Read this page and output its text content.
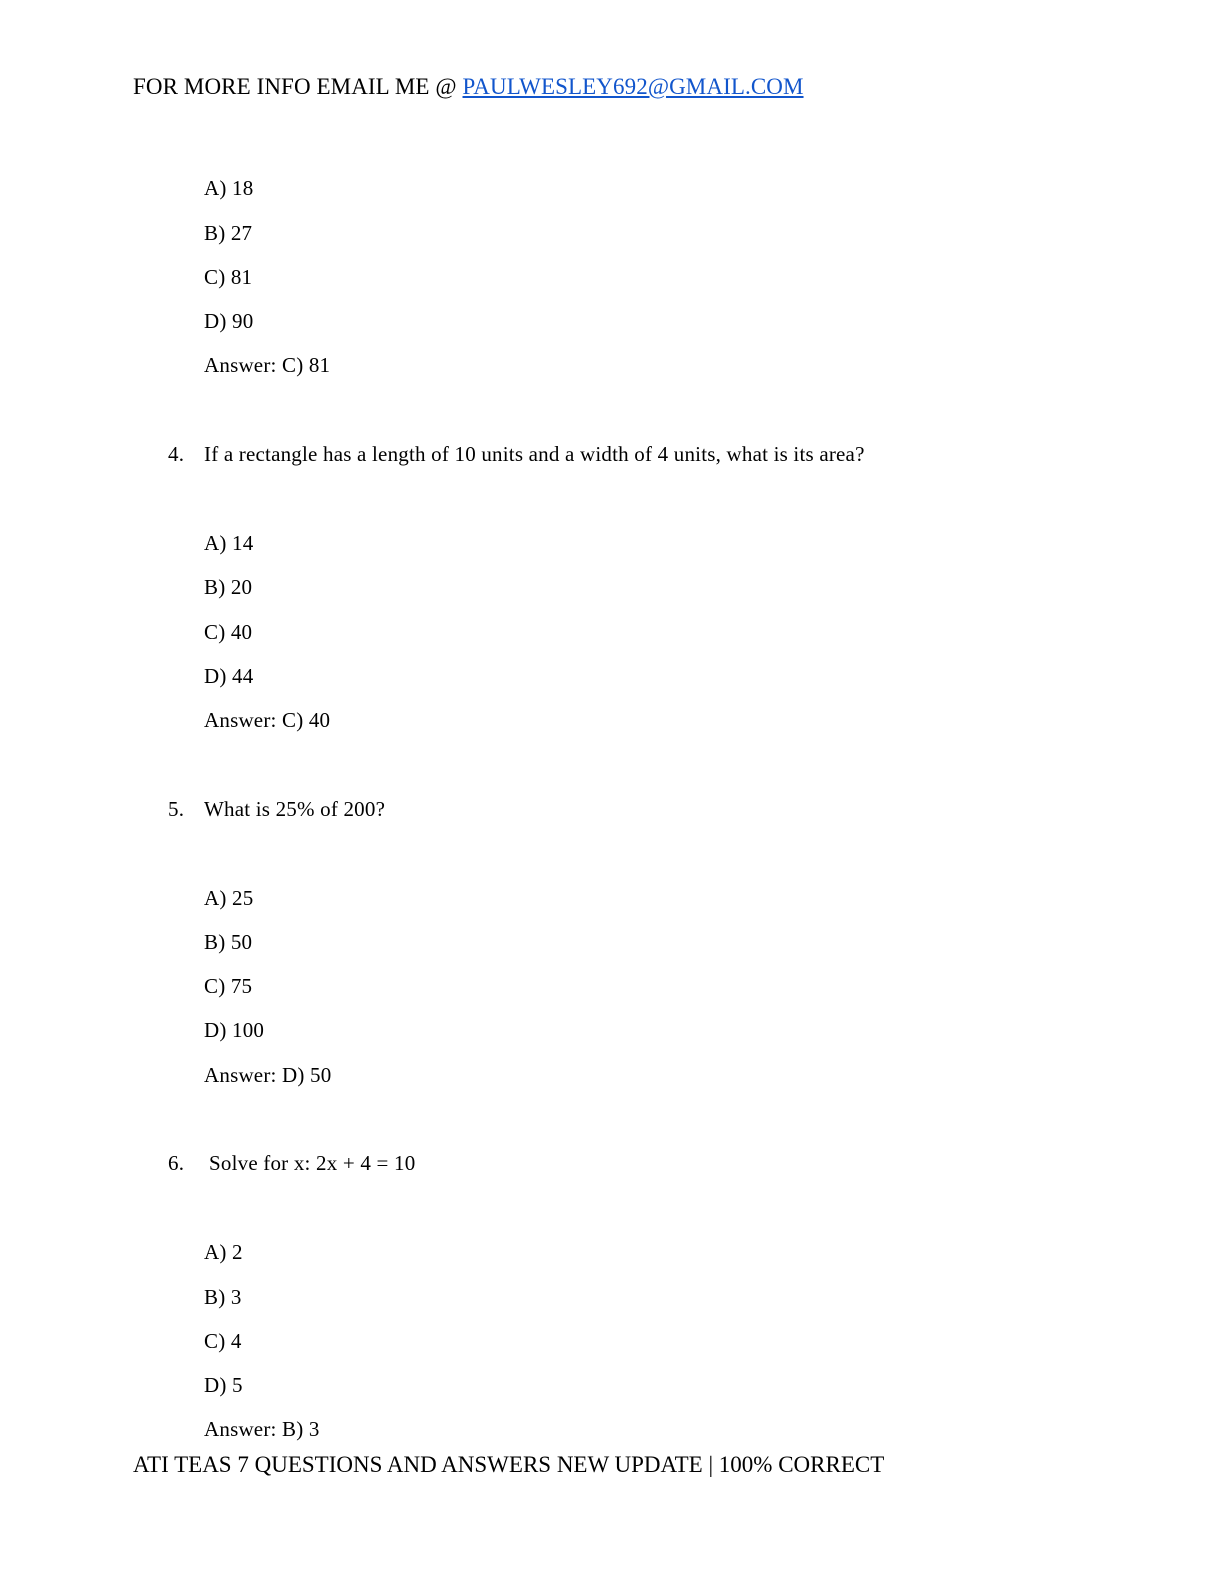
FOR MORE INFO EMAIL ME @ PAULWESLEY692@GMAIL.COM
A) 18
B) 27
C) 81
D) 90
Answer: C) 81
4. If a rectangle has a length of 10 units and a width of 4 units, what is its area?
A) 14
B) 20
C) 40
D) 44
Answer: C) 40
5. What is 25% of 200?
A) 25
B) 50
C) 75
D) 100
Answer: D) 50
6. Solve for x: 2x + 4 = 10
A) 2
B) 3
C) 4
D) 5
Answer: B) 3
ATI TEAS 7 QUESTIONS AND ANSWERS NEW UPDATE | 100% CORRECT
